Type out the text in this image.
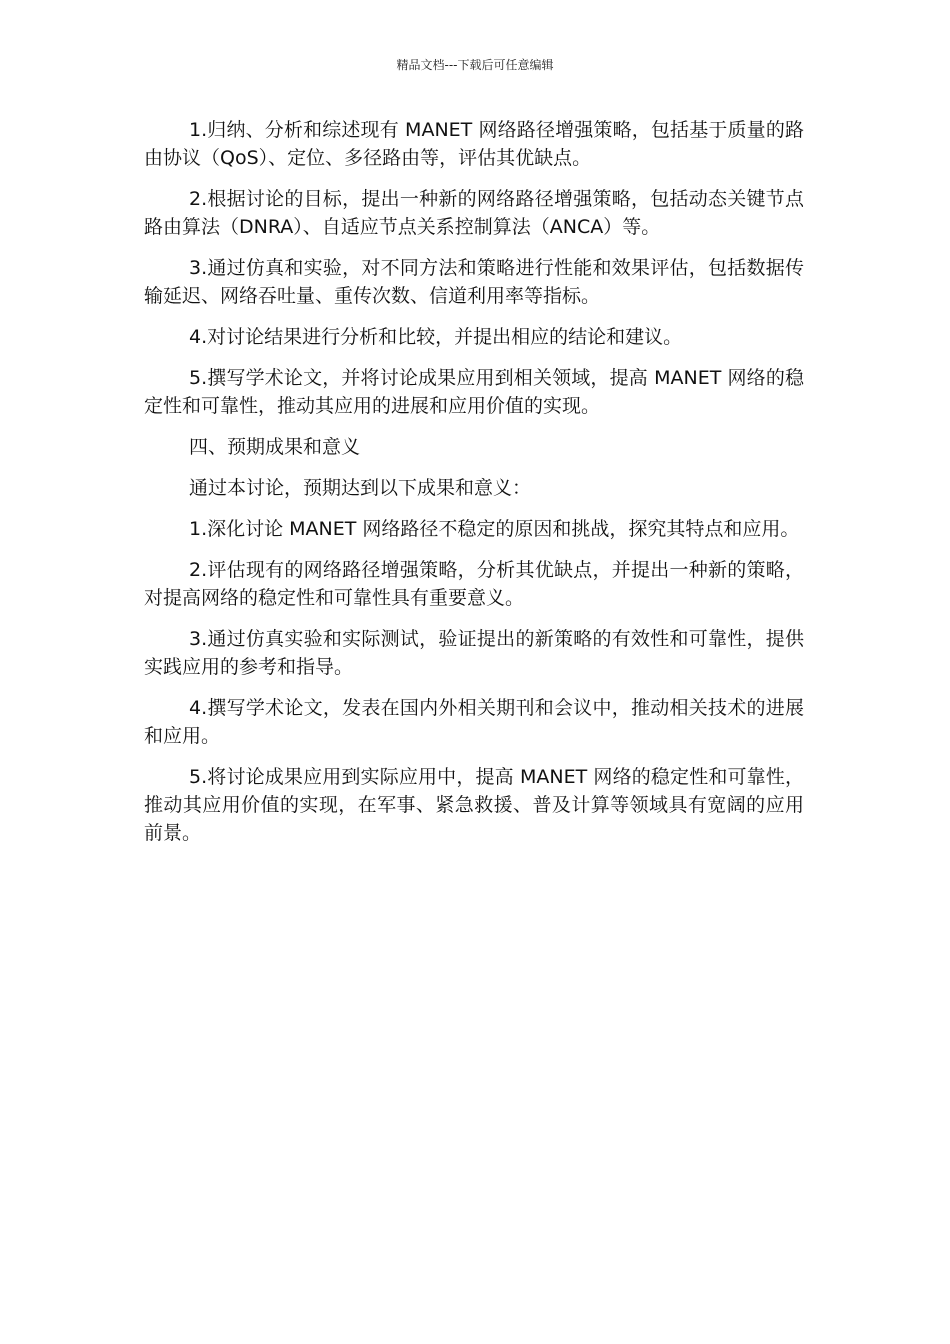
精品文档---下载后可任意编辑

1.归纳、分析和综述现有 MANET 网络路径增强策略，包括基于质量的路由协议（QoS）、定位、多径路由等，评估其优缺点。

2.根据讨论的目标，提出一种新的网络路径增强策略，包括动态关键节点路由算法（DNRA）、自适应节点关系控制算法（ANCA）等。

3.通过仿真和实验，对不同方法和策略进行性能和效果评估，包括数据传输延迟、网络吞吐量、重传次数、信道利用率等指标。

4.对讨论结果进行分析和比较，并提出相应的结论和建议。

5.撰写学术论文，并将讨论成果应用到相关领域，提高 MANET 网络的稳定性和可靠性，推动其应用的进展和应用价值的实现。

四、预期成果和意义

通过本讨论，预期达到以下成果和意义：

1.深化讨论 MANET 网络路径不稳定的原因和挑战，探究其特点和应用。

2.评估现有的网络路径增强策略，分析其优缺点，并提出一种新的策略，对提高网络的稳定性和可靠性具有重要意义。

3.通过仿真实验和实际测试，验证提出的新策略的有效性和可靠性，提供实践应用的参考和指导。

4.撰写学术论文，发表在国内外相关期刊和会议中，推动相关技术的进展和应用。

5.将讨论成果应用到实际应用中，提高 MANET 网络的稳定性和可靠性，推动其应用价值的实现，在军事、紧急救援、普及计算等领域具有宽阔的应用前景。
